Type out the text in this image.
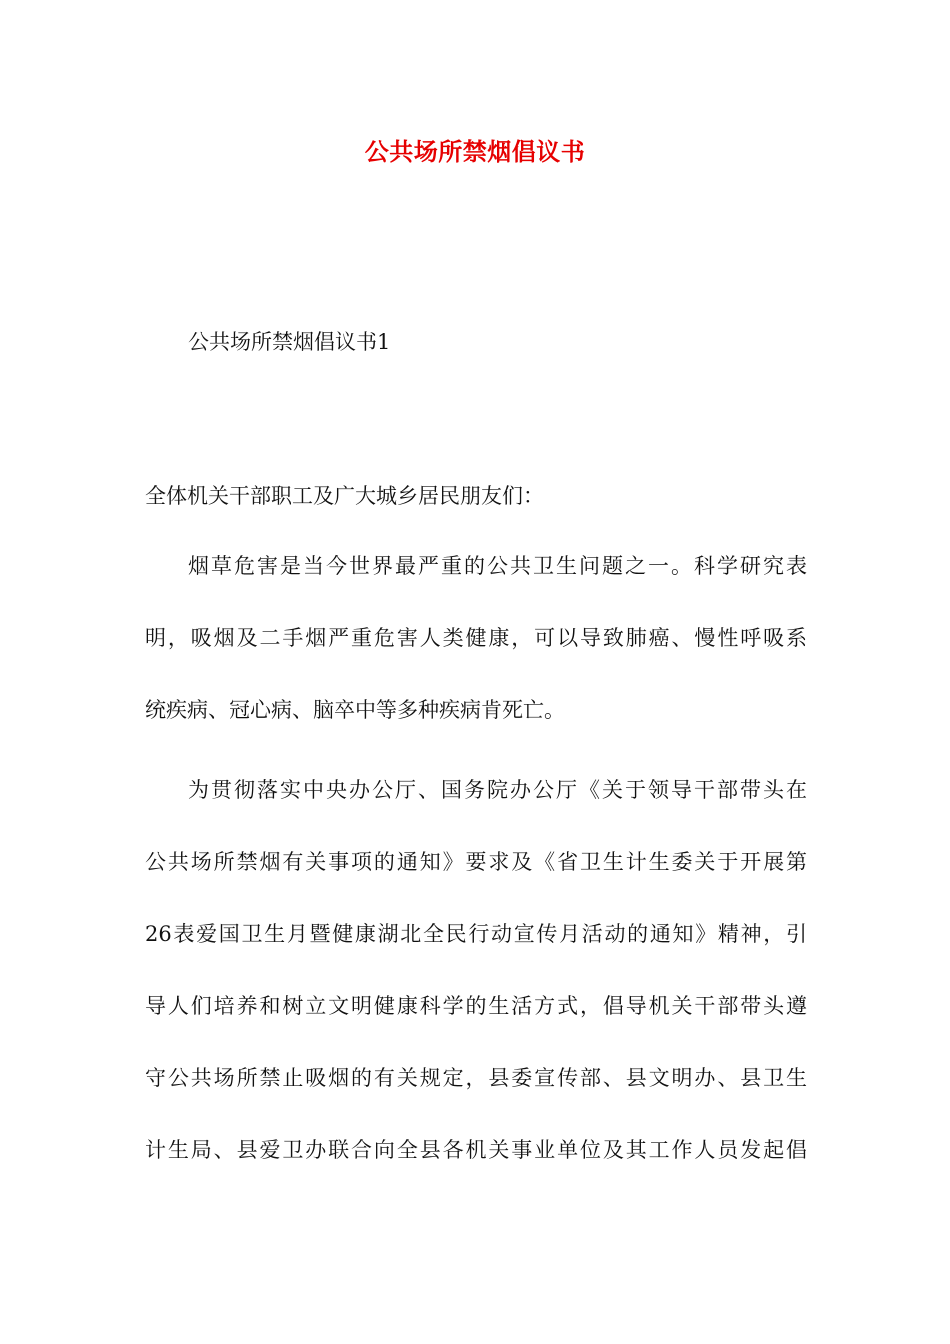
公共场所禁烟倡议书
公共场所禁烟倡议书1
全体机关干部职工及广大城乡居民朋友们：
烟草危害是当今世界最严重的公共卫生问题之一。科学研究表
明，吸烟及二手烟严重危害人类健康，可以导致肺癌、慢性呼吸系
统疾病、冠心病、脑卒中等多种疾病肯死亡。
为贯彻落实中央办公厅、国务院办公厅《关于领导干部带头在
公共场所禁烟有关事项的通知》要求及《省卫生计生委关于开展第
26表爱国卫生月暨健康湖北全民行动宣传月活动的通知》精神，引
导人们培养和树立文明健康科学的生活方式，倡导机关干部带头遵
守公共场所禁止吸烟的有关规定，县委宣传部、县文明办、县卫生
计生局、县爱卫办联合向全县各机关事业单位及其工作人员发起倡
